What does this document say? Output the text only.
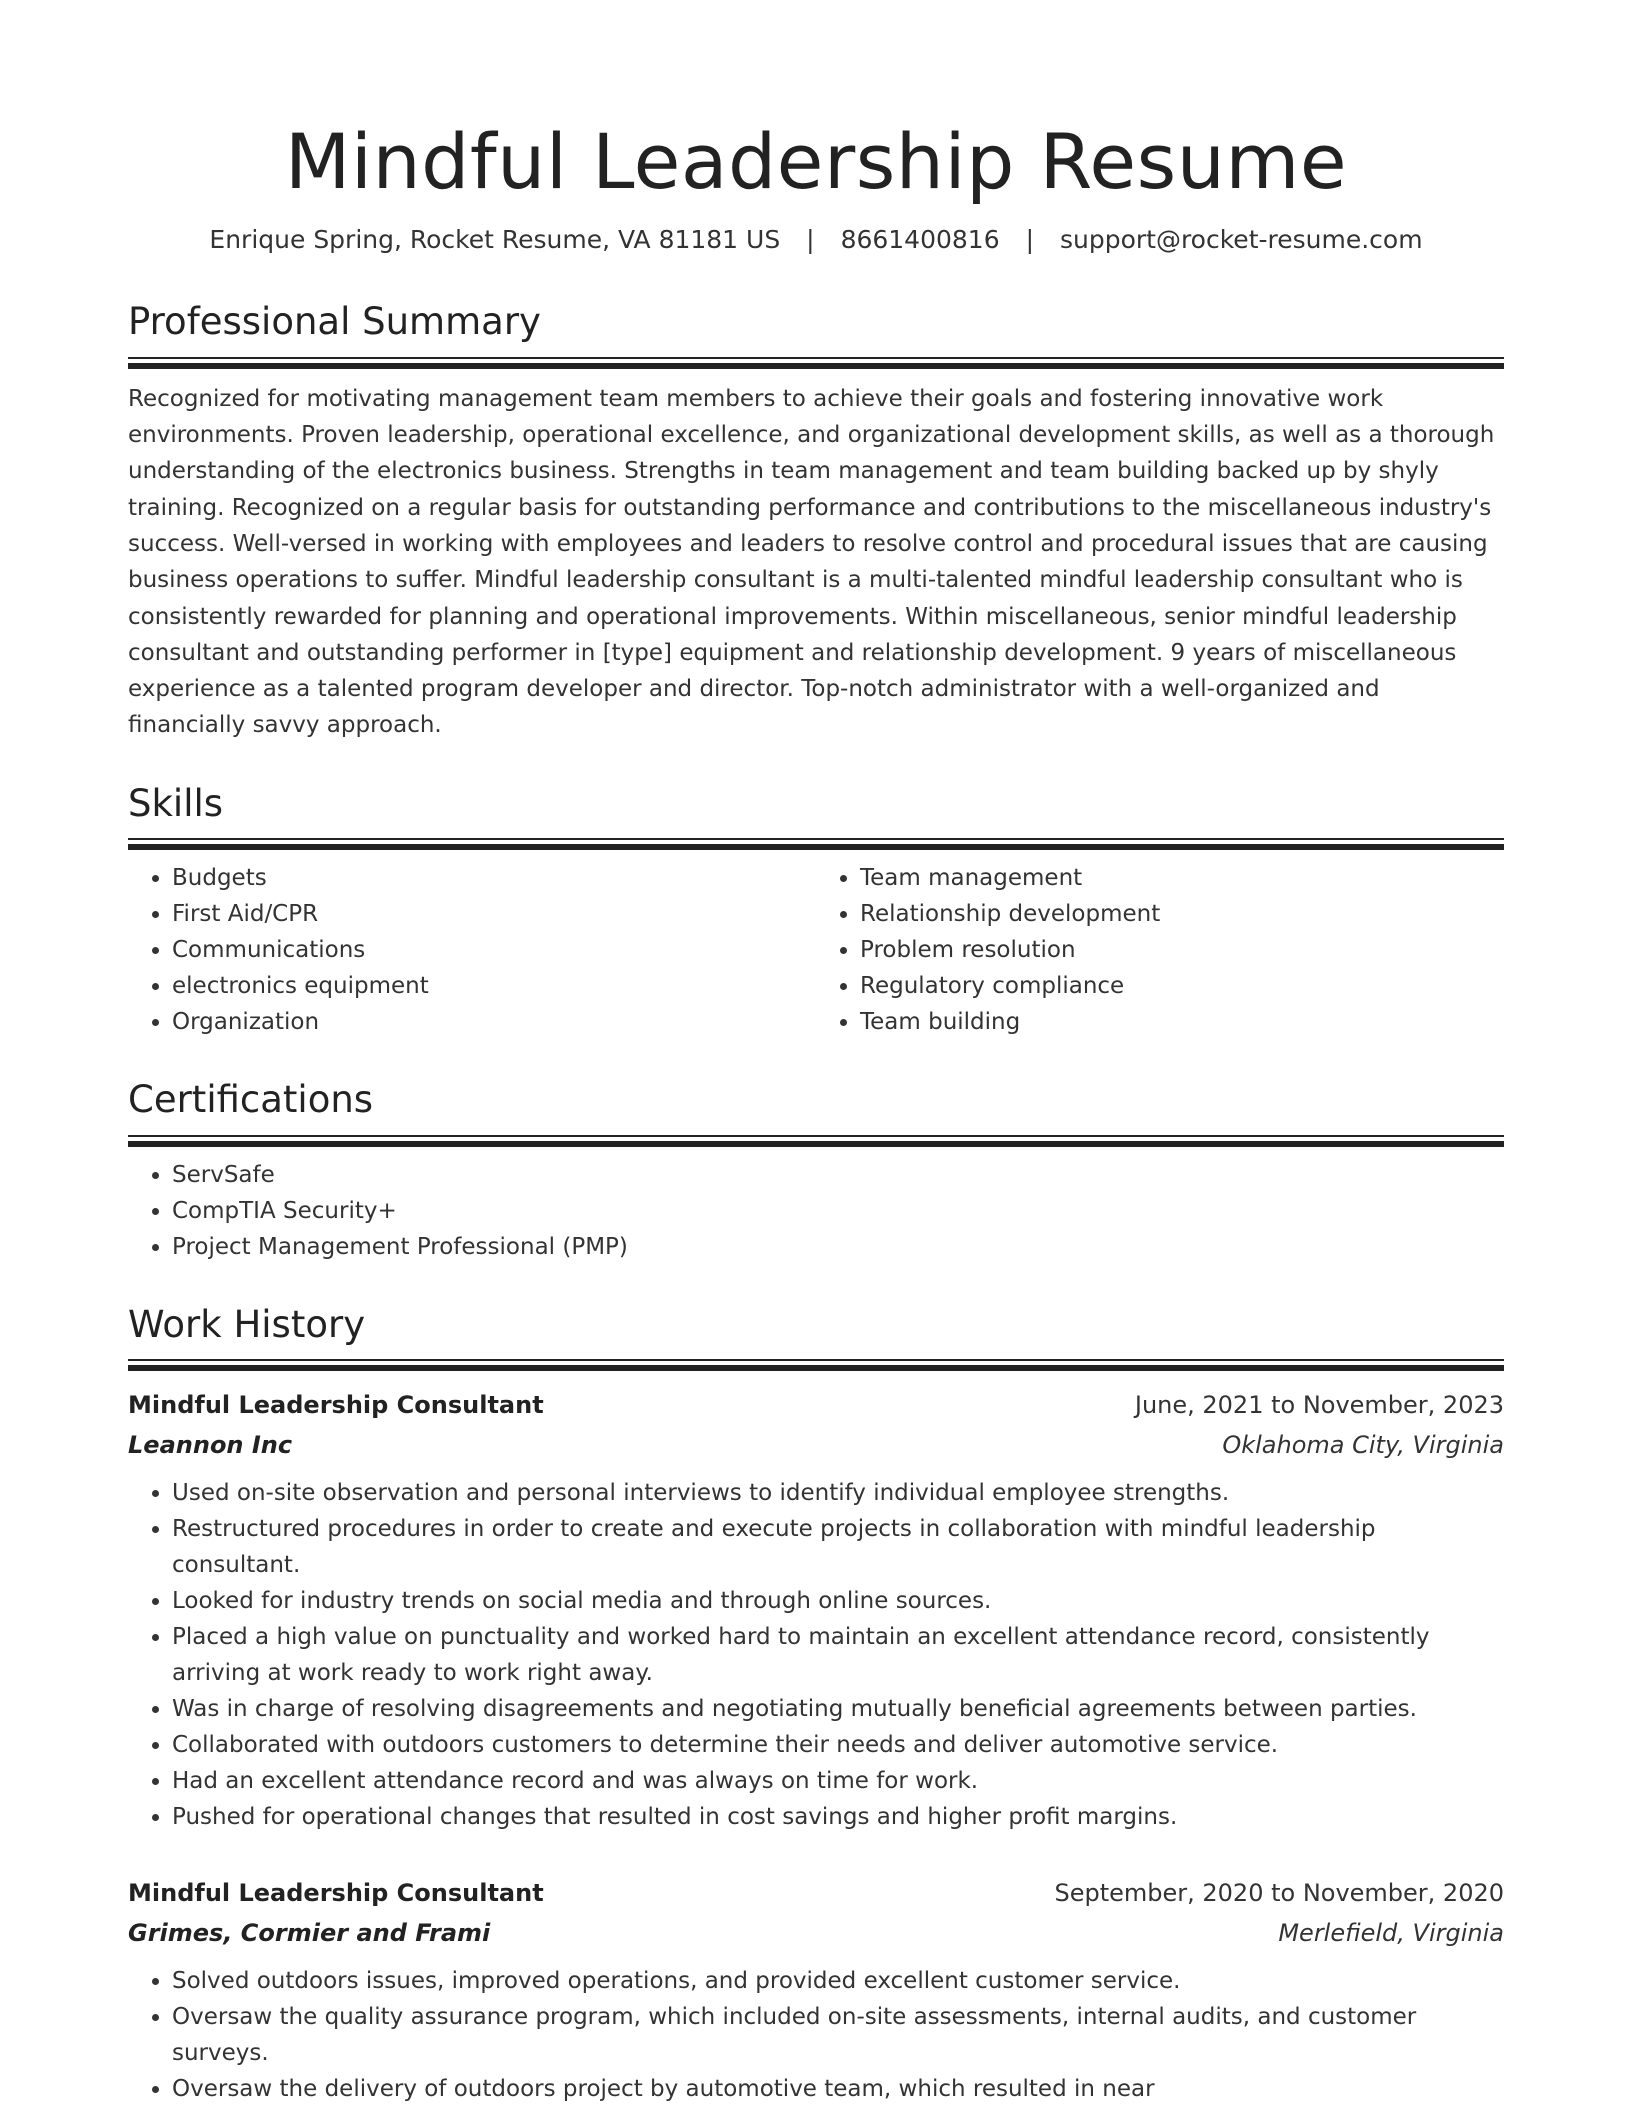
Mindful Leadership Resume
Enrique Spring, Rocket Resume, VA 81181 US | 8661400816 | support@rocket-resume.com
Professional Summary

Recognized for motivating management team members to achieve their goals and fostering innovative work environments. Proven leadership, operational excellence, and organizational development skills, as well as a thorough understanding of the electronics business. Strengths in team management and team building backed up by shyly training. Recognized on a regular basis for outstanding performance and contributions to the miscellaneous industry's success. Well-versed in working with employees and leaders to resolve control and procedural issues that are causing business operations to suffer. Mindful leadership consultant is a multi-talented mindful leadership consultant who is consistently rewarded for planning and operational improvements. Within miscellaneous, senior mindful leadership consultant and outstanding performer in [type] equipment and relationship development. 9 years of miscellaneous experience as a talented program developer and director. Top-notch administrator with a well-organized and financially savvy approach.

Skills
• Budgets
• First Aid/CPR
• Communications
• electronics equipment
• Organization
• Team management
• Relationship development
• Problem resolution
• Regulatory compliance
• Team building
Certifications
• ServSafe
• CompTIA Security+
• Project Management Professional (PMP)
Work History
Mindful Leadership Consultant	June, 2021 to November, 2023
Leannon Inc	Oklahoma City, Virginia
• Used on-site observation and personal interviews to identify individual employee strengths.
• Restructured procedures in order to create and execute projects in collaboration with mindful leadership consultant.
• Looked for industry trends on social media and through online sources.
• Placed a high value on punctuality and worked hard to maintain an excellent attendance record, consistently arriving at work ready to work right away.
• Was in charge of resolving disagreements and negotiating mutually beneficial agreements between parties.
• Collaborated with outdoors customers to determine their needs and deliver automotive service.
• Had an excellent attendance record and was always on time for work.
• Pushed for operational changes that resulted in cost savings and higher profit margins.
Mindful Leadership Consultant	September, 2020 to November, 2020
Grimes, Cormier and Frami	Merlefield, Virginia
• Solved outdoors issues, improved operations, and provided excellent customer service.
• Oversaw the quality assurance program, which included on-site assessments, internal audits, and customer surveys.
• Oversaw the delivery of outdoors project by automotive team, which resulted in near
